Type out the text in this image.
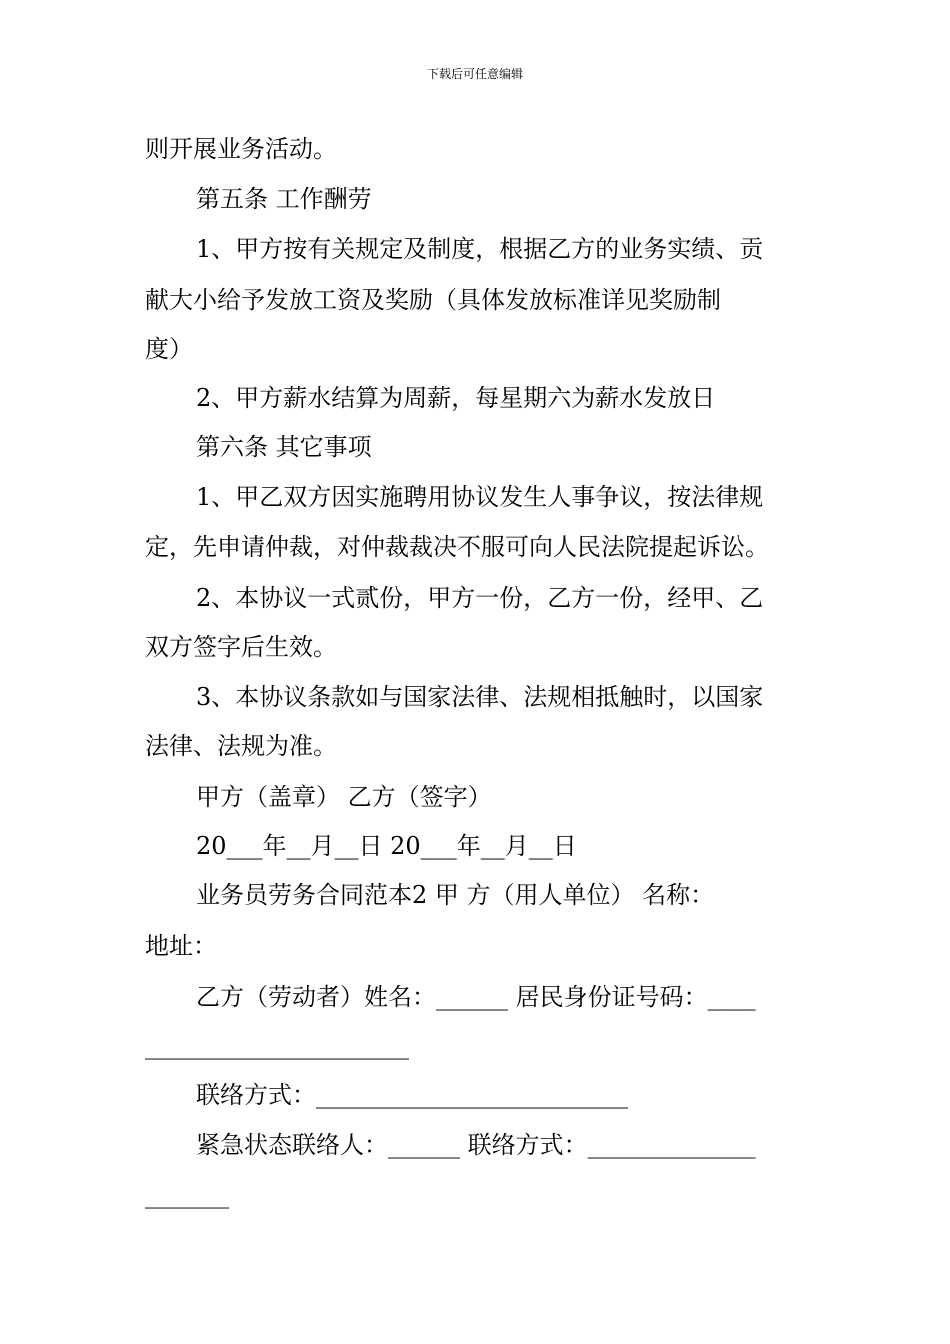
下载后可任意编辑
则开展业务活动。
第五条 工作酬劳
1、甲方按有关规定及制度，根据乙方的业务实绩、贡
献大小给予发放工资及奖励（具体发放标准详见奖励制
度）
2、甲方薪水结算为周薪，每星期六为薪水发放日
第六条 其它事项
1、甲乙双方因实施聘用协议发生人事争议，按法律规
定，先申请仲裁，对仲裁裁决不服可向人民法院提起诉讼。
2、本协议一式贰份，甲方一份，乙方一份，经甲、乙
双方签字后生效。
3、本协议条款如与国家法律、法规相抵触时，以国家
法律、法规为准。
甲方（盖章） 乙方（签字）
20___年__月__日 20___年__月__日
业务员劳务合同范本2 甲 方（用人单位） 名称：
地址：
乙方（劳动者）姓名：______ 居民身份证号码：____
______________________
联络方式：__________________________
紧急状态联络人：______ 联络方式：______________
_______
